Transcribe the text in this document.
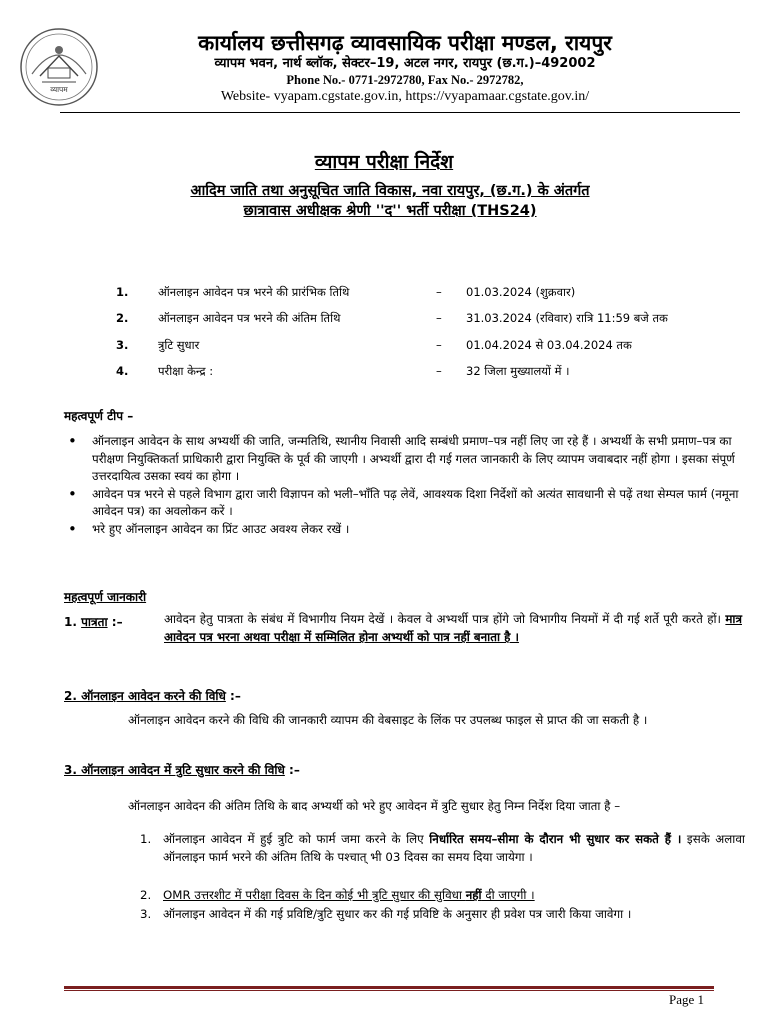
व्यापम
कार्यालय छत्तीसगढ़ व्यावसायिक परीक्षा मण्डल, रायपुर
व्यापम भवन, नार्थ ब्लॉक, सेक्टर–19, अटल नगर, रायपुर (छ.ग.)–492002
Phone No.- 0771-2972780, Fax No.- 2972782,
Website- vyapam.cgstate.gov.in, https://vyapamaar.cgstate.gov.in/
व्यापम परीक्षा निर्देश
आदिम जाति तथा अनुसूचित जाति विकास, नवा रायपुर, (छ.ग.) के अंतर्गत
छात्रावास अधीक्षक श्रेणी ''द'' भर्ती परीक्षा (THS24)
1.	ऑनलाइन आवेदन पत्र भरने की प्रारंभिक तिथि	– 01.03.2024 (शुक्रवार)
2.	ऑनलाइन आवेदन पत्र भरने की अंतिम तिथि	– 31.03.2024 (रविवार) रात्रि 11:59 बजे तक
3.	त्रुटि सुधार	– 01.04.2024 से 03.04.2024 तक
4.	परीक्षा केन्द्र :	– 32 जिला मुख्यालयों में ।
महत्वपूर्ण टीप –
• ऑनलाइन आवेदन के साथ अभ्यर्थी की जाति, जन्मतिथि, स्थानीय निवासी आदि सम्बंधी प्रमाण–पत्र नहीं लिए जा रहे हैं । अभ्यर्थी के सभी प्रमाण–पत्र का परीक्षण नियुक्तिकर्ता प्राधिकारी द्वारा नियुक्ति के पूर्व की जाएगी । अभ्यर्थी द्वारा दी गई गलत जानकारी के लिए व्यापम जवाबदार नहीं होगा । इसका संपूर्ण उत्तरदायित्व उसका स्वयं का होगा ।
• आवेदन पत्र भरने से पहले विभाग द्वारा जारी विज्ञापन को भली–भाँति पढ़ लेवें, आवश्यक दिशा निर्देशों को अत्यंत सावधानी से पढ़ें तथा सेम्पल फार्म (नमूना आवेदन पत्र) का अवलोकन करें ।
• भरे हुए ऑनलाइन आवेदन का प्रिंट आउट अवश्य लेकर रखें ।
महत्वपूर्ण जानकारी
1. पात्रता :–	आवेदन हेतु पात्रता के संबंध में विभागीय नियम देखें । केवल वे अभ्यर्थी पात्र होंगे जो विभागीय नियमों में दी गई शर्ते पूरी करते हों। मात्र आवेदन पत्र भरना अथवा परीक्षा में सम्मिलित होना अभ्यर्थी को पात्र नहीं बनाता है ।
2. ऑनलाइन आवेदन करने की विधि :–
ऑनलाइन आवेदन करने की विधि की जानकारी व्यापम की वेबसाइट के लिंक पर उपलब्ध फाइल से प्राप्त की जा सकती है ।
3. ऑनलाइन आवेदन में त्रुटि सुधार करने की विधि :–
ऑनलाइन आवेदन की अंतिम तिथि के बाद अभ्यर्थी को भरे हुए आवेदन में त्रुटि सुधार हेतु निम्न निर्देश दिया जाता है –
1. ऑनलाइन आवेदन में हुई त्रुटि को फार्म जमा करने के लिए निर्धारित समय–सीमा के दौरान भी सुधार कर सकते हैं । इसके अलावा ऑनलाइन फार्म भरने की अंतिम तिथि के पश्चात् भी 03 दिवस का समय दिया जायेगा ।
2. OMR उत्तरशीट में परीक्षा दिवस के दिन कोई भी त्रुटि सुधार की सुविधा नहीं दी जाएगी ।
3. ऑनलाइन आवेदन में की गई प्रविष्टि/त्रुटि सुधार कर की गई प्रविष्टि के अनुसार ही प्रवेश पत्र जारी किया जावेगा ।
Page 1
